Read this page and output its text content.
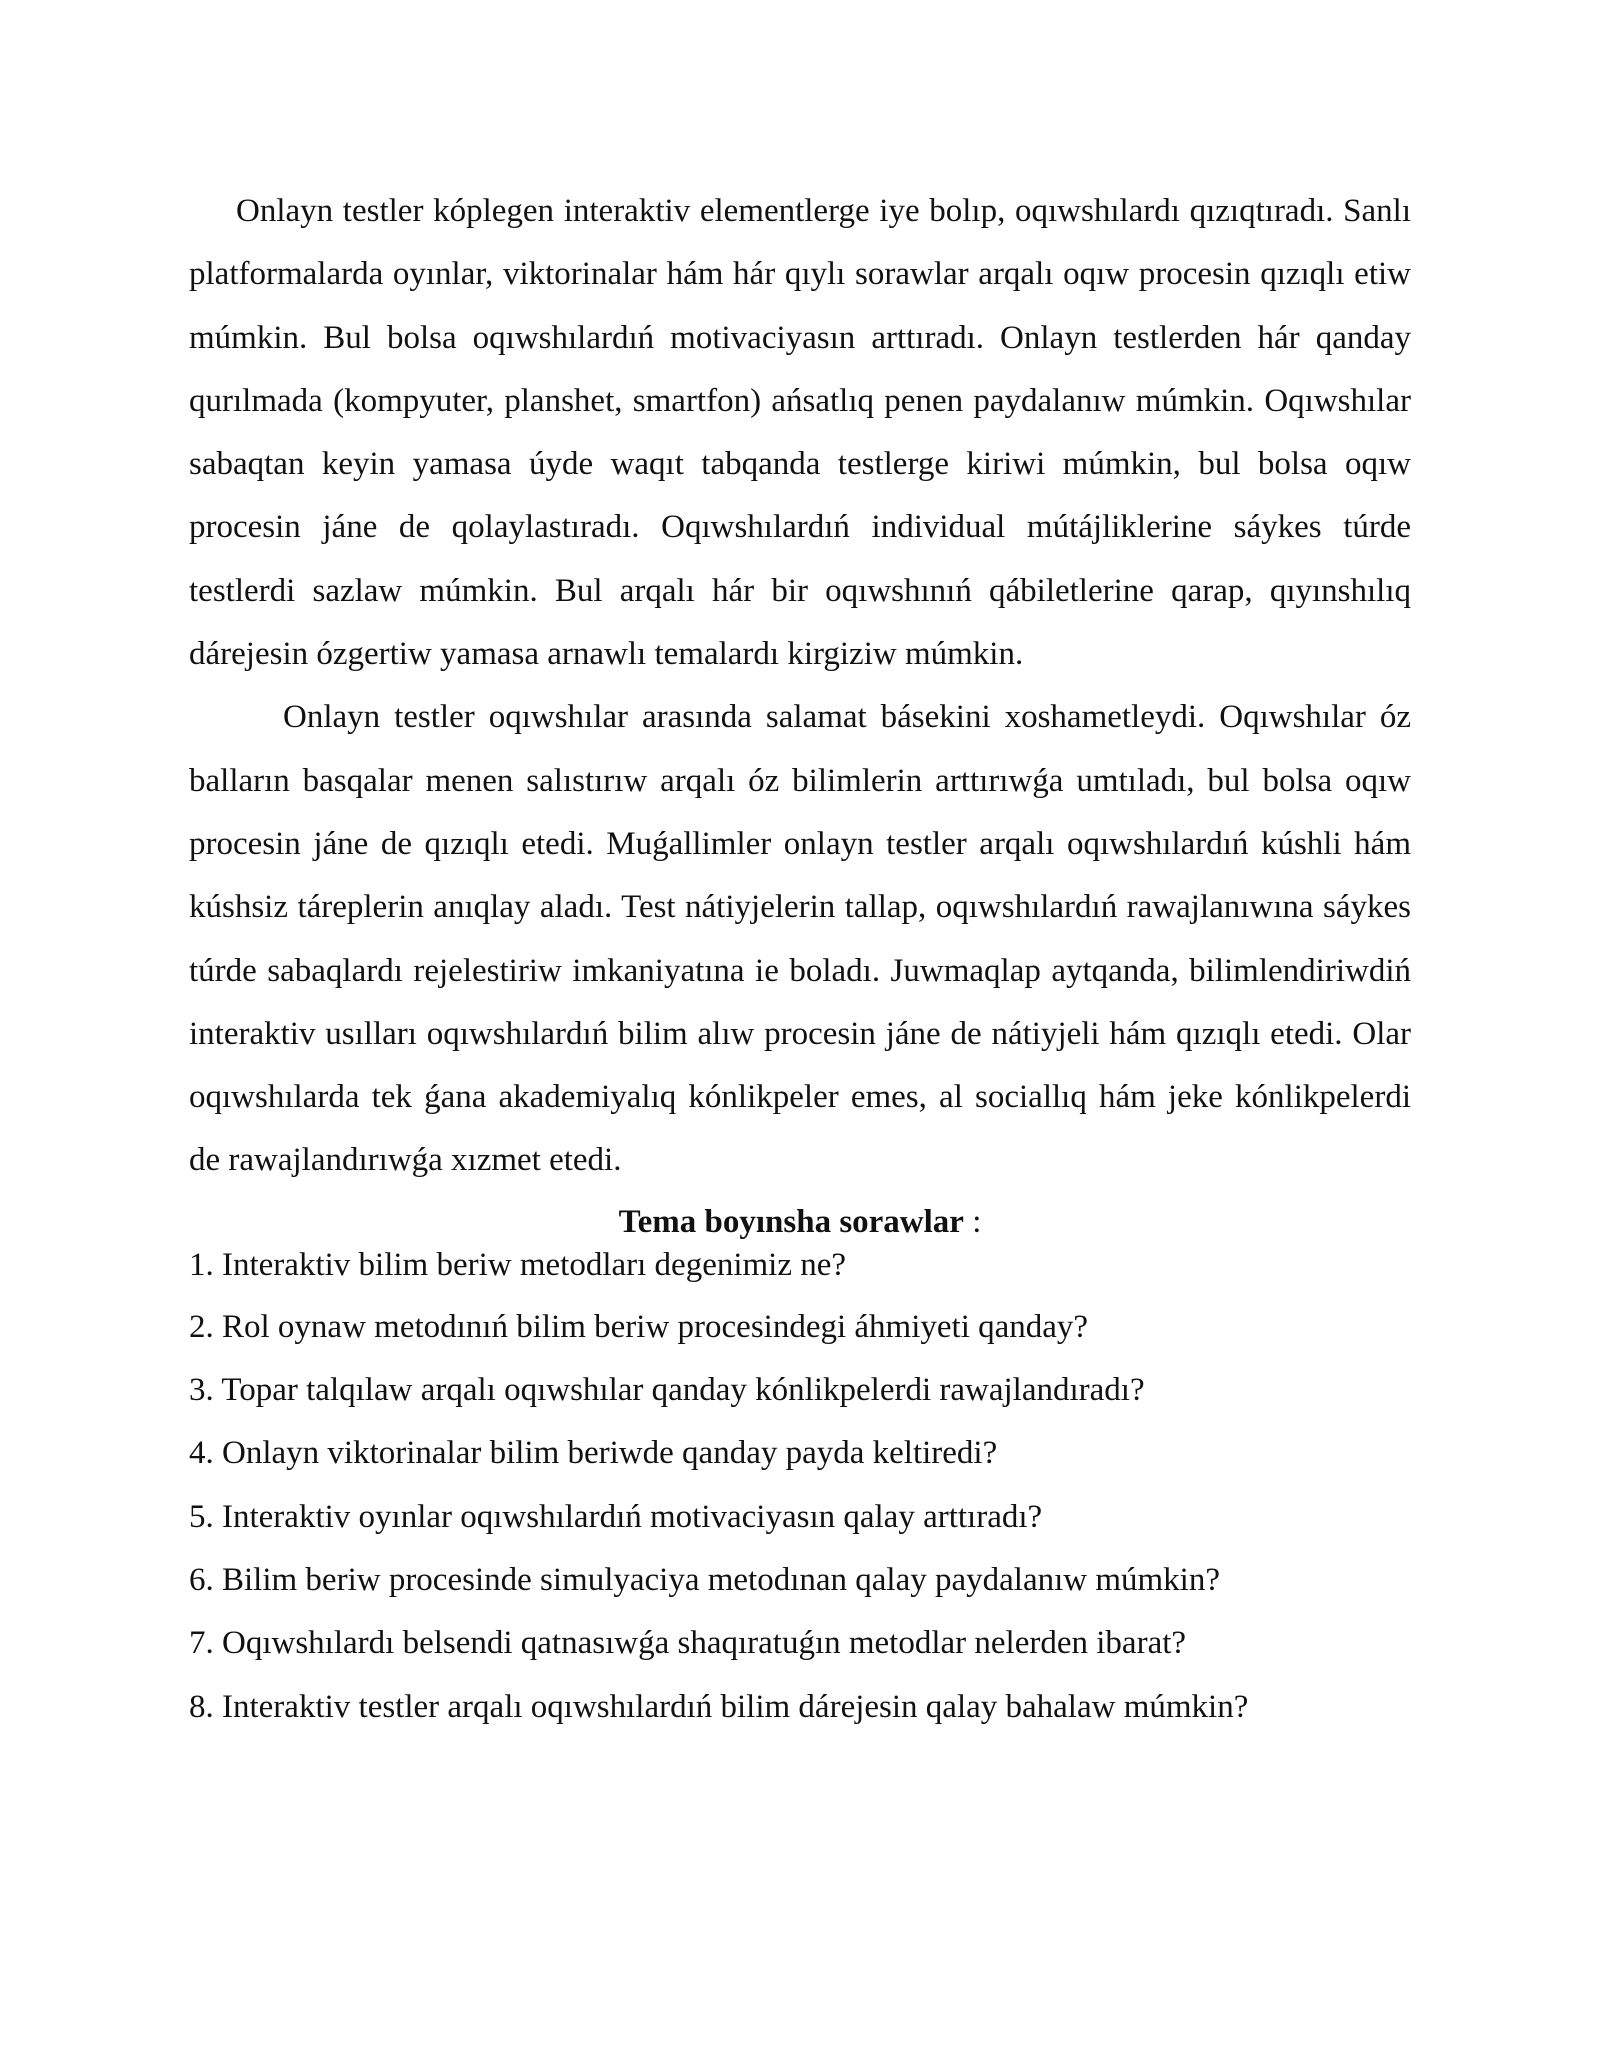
Onlayn testler kóplegen interaktiv elementlerge iye bolıp, oqıwshılardı qızıqtıradı. Sanlı platformalarda oyınlar, viktorinalar hám hár qıylı sorawlar arqalı oqıw procesin qızıqlı etiw múmkin. Bul bolsa oqıwshılardıń motivaciyasın arttıradı. Onlayn testlerden hár qanday qurılmada (kompyuter, planshet, smartfon) ańsatlıq penen paydalanıw múmkin. Oqıwshılar sabaqtan keyin yamasa úyde waqıt tabqanda testlerge kiriwi múmkin, bul bolsa oqıw procesin jáne de qolaylastıradı. Oqıwshılardıń individual mútájliklerine sáykes túrde testlerdi sazlaw múmkin. Bul arqalı hár bir oqıwshınıń qábiletlerine qarap, qıyınshılıq dárejesin ózgertiw yamasa arnawlı temalardı kirgiziw múmkin.

Onlayn testler oqıwshılar arasında salamat básekini xoshametleydi. Oqıwshılar óz balların basqalar menen salıstırıw arqalı óz bilimlerin arttırıwǵa umtıladı, bul bolsa oqıw procesin jáne de qızıqlı etedi. Muǵallimler onlayn testler arqalı oqıwshılardıń kúshli hám kúshsiz táreplerin anıqlay aladı. Test nátiyjelerin tallap, oqıwshılardıń rawajlanıwına sáykes túrde sabaqlardı rejelestiriw imkaniyatına ie boladı. Juwmaqlap aytqanda, bilimlendiriwdiń interaktiv usılları oqıwshılardıń bilim alıw procesin jáne de nátiyjeli hám qızıqlı etedi. Olar oqıwshılarda tek ǵana akademiyalıq kónlikpeler emes, al sociallıq hám jeke kónlikpelerdi de rawajlandırıwǵa xızmet etedi.

Tema boyınsha sorawlar :

1. Interaktiv bilim beriw metodları degenimiz ne?
2. Rol oynaw metodınıń bilim beriw procesindegi áhmiyeti qanday?
3. Topar talqılaw arqalı oqıwshılar qanday kónlikpelerdi rawajlandıradı?
4. Onlayn viktorinalar bilim beriwde qanday payda keltiredi?
5. Interaktiv oyınlar oqıwshılardıń motivaciyasın qalay arttıradı?
6. Bilim beriw procesinde simulyaciya metodınan qalay paydalanıw múmkin?
7. Oqıwshılardı belsendi qatnasıwǵa shaqıratuǵın metodlar nelerden ibarat?
8. Interaktiv testler arqalı oqıwshılardıń bilim dárejesin qalay bahalaw múmkin?
